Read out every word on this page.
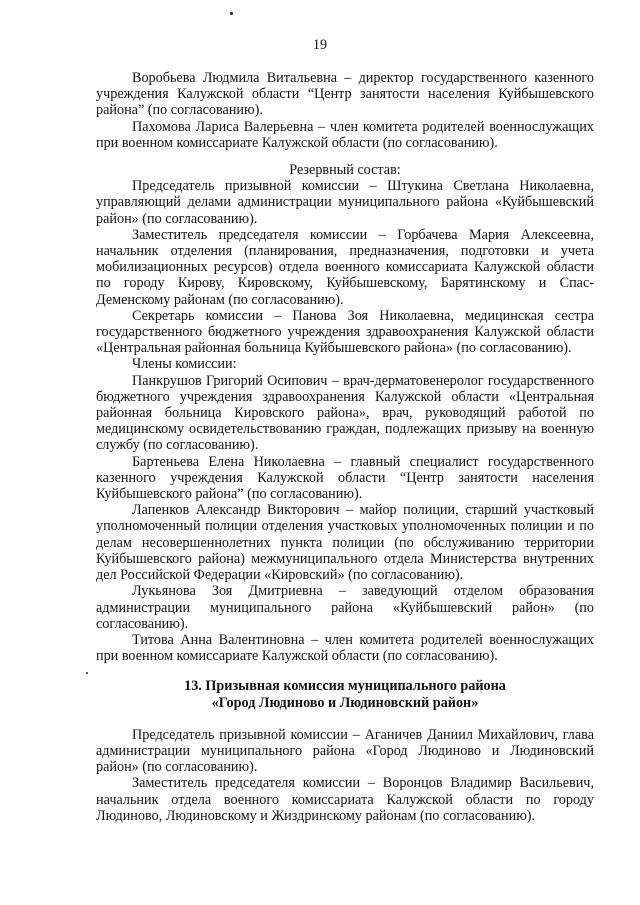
19

Воробьева Людмила Витальевна – директор государственного казенного учреждения Калужской области “Центр занятости населения Куйбышевского района” (по согласованию).

Пахомова Лариса Валерьевна – член комитета родителей военнослужащих при военном комиссариате Калужской области (по согласованию).

Резервный состав:

Председатель призывной комиссии – Штукина Светлана Николаевна, управляющий делами администрации муниципального района «Куйбышевский район» (по согласованию).

Заместитель председателя комиссии – Горбачева Мария Алексеевна, начальник отделения (планирования, предназначения, подготовки и учета мобилизационных ресурсов) отдела военного комиссариата Калужской области по городу Кирову, Кировскому, Куйбышевскому, Барятинскому и Спас-Деменскому районам (по согласованию).

Секретарь комиссии – Панова Зоя Николаевна, медицинская сестра государственного бюджетного учреждения здравоохранения Калужской области «Центральная районная больница Куйбышевского района» (по согласованию).

Члены комиссии:

Панкрушов Григорий Осипович – врач-дерматовенеролог государственного бюджетного учреждения здравоохранения Калужской области «Центральная районная больница Кировского района», врач, руководящий работой по медицинскому освидетельствованию граждан, подлежащих призыву на военную службу (по согласованию).

Бартеньева Елена Николаевна – главный специалист государственного казенного учреждения Калужской области “Центр занятости населения Куйбышевского района” (по согласованию).

Лапенков Александр Викторович – майор полиции, старший участковый уполномоченный полиции отделения участковых уполномоченных полиции и по делам несовершеннолетних пункта полиции (по обслуживанию территории Куйбышевского района) межмуниципального отдела Министерства внутренних дел Российской Федерации «Кировский» (по согласованию).

Лукьянова Зоя Дмитриевна – заведующий отделом образования администрации муниципального района «Куйбышевский район» (по согласованию).

Титова Анна Валентиновна – член комитета родителей военнослужащих при военном комиссариате Калужской области (по согласованию).

13. Призывная комиссия муниципального района

«Город Людиново и Людиновский район»

Председатель призывной комиссии – Аганичев Даниил Михайлович, глава администрации муниципального района «Город Людиново и Людиновский район» (по согласованию).

Заместитель председателя комиссии – Воронцов Владимир Васильевич, начальник отдела военного комиссариата Калужской области по городу Людиново, Людиновскому и Жиздринскому районам (по согласованию).
